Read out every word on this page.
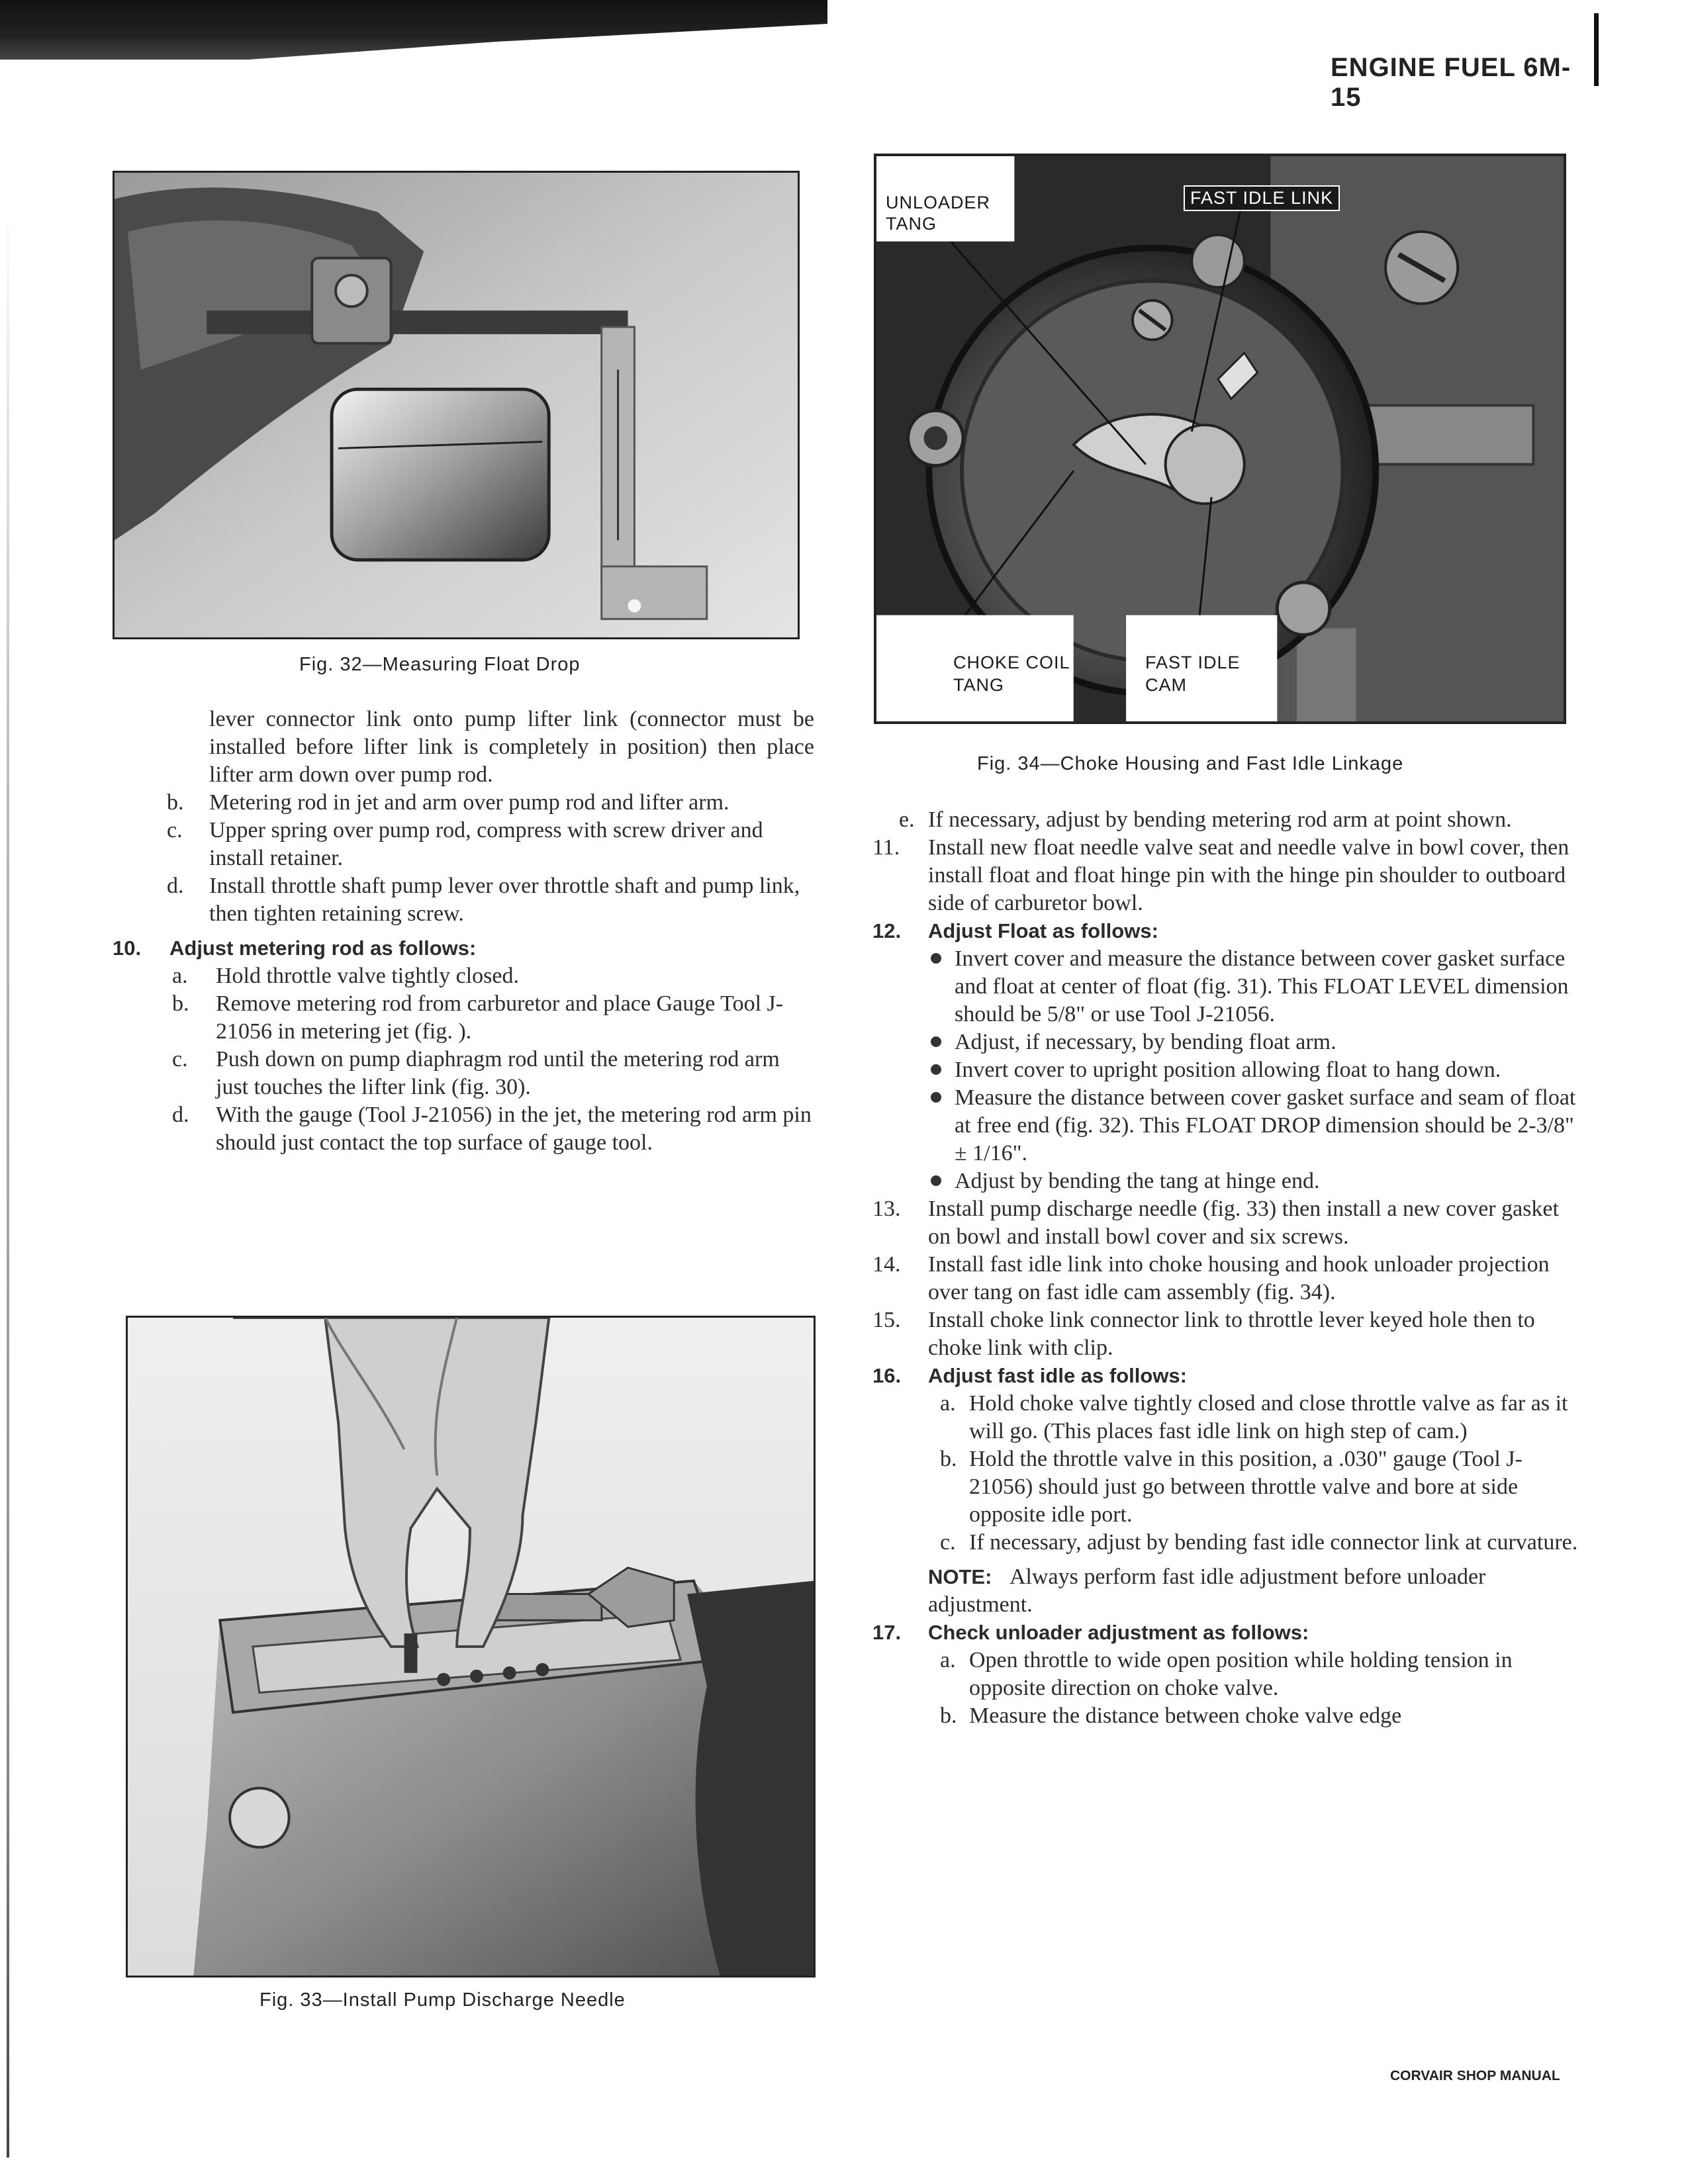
ENGINE FUEL 6M-15
Fig. 32—Measuring Float Drop
UNLOADER
TANG
FAST IDLE LINK
CHOKE COIL
TANG
FAST IDLE
CAM
Fig. 34—Choke Housing and Fast Idle Linkage
Fig. 33—Install Pump Discharge Needle

lever connector link onto pump lifter link (connector must be installed before lifter link is completely in position) then place lifter arm down over pump rod.

b. Metering rod in jet and arm over pump rod and lifter arm.
c. Upper spring over pump rod, compress with screw driver and install retainer.
d. Install throttle shaft pump lever over throttle shaft and pump link, then tighten retaining screw.
10. Adjust metering rod as follows:
a. Hold throttle valve tightly closed.
b. Remove metering rod from carburetor and place Gauge Tool J-21056 in metering jet (fig. ).
c. Push down on pump diaphragm rod until the metering rod arm just touches the lifter link (fig. 30).
d. With the gauge (Tool J-21056) in the jet, the metering rod arm pin should just contact the top surface of gauge tool.
e. If necessary, adjust by bending metering rod arm at point shown.
11. Install new float needle valve seat and needle valve in bowl cover, then install float and float hinge pin with the hinge pin shoulder to outboard side of carburetor bowl.
12. Adjust Float as follows:
Invert cover and measure the distance between cover gasket surface and float at center of float (fig. 31). This FLOAT LEVEL dimension should be 5/8" or use Tool J-21056.
Adjust, if necessary, by bending float arm.
Invert cover to upright position allowing float to hang down.
Measure the distance between cover gasket surface and seam of float at free end (fig. 32). This FLOAT DROP dimension should be 2-3/8" ± 1/16".
Adjust by bending the tang at hinge end.
13. Install pump discharge needle (fig. 33) then install a new cover gasket on bowl and install bowl cover and six screws.
14. Install fast idle link into choke housing and hook unloader projection over tang on fast idle cam assembly (fig. 34).
15. Install choke link connector link to throttle lever keyed hole then to choke link with clip.
16. Adjust fast idle as follows:
a. Hold choke valve tightly closed and close throttle valve as far as it will go. (This places fast idle link on high step of cam.)
b. Hold the throttle valve in this position, a .030" gauge (Tool J-21056) should just go between throttle valve and bore at side opposite idle port.
c. If necessary, adjust by bending fast idle connector link at curvature.
NOTE: Always perform fast idle adjustment before unloader adjustment.
17. Check unloader adjustment as follows:
a. Open throttle to wide open position while holding tension in opposite direction on choke valve.
b. Measure the distance between choke valve edge
CORVAIR SHOP MANUAL
